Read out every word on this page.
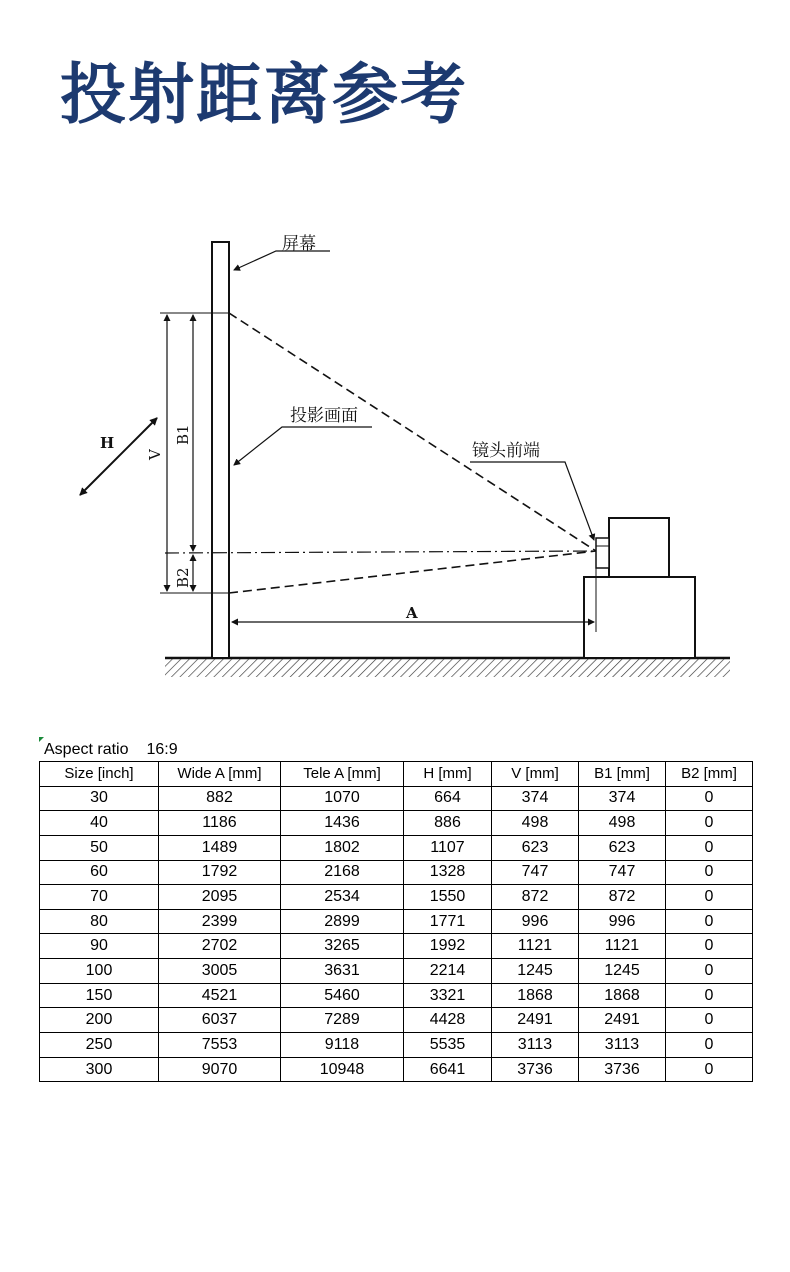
投射距离参考
屏幕
投影画面
镜头前端
H
V
B1
B2
A
Aspect ratio 16:9
Size [inch]	Wide A [mm]	Tele A [mm]	H [mm]	V [mm]	B1 [mm]	B2 [mm]
30	882	1070	664	374	374	0
40	1186	1436	886	498	498	0
50	1489	1802	1107	623	623	0
60	1792	2168	1328	747	747	0
70	2095	2534	1550	872	872	0
80	2399	2899	1771	996	996	0
90	2702	3265	1992	1121	1121	0
100	3005	3631	2214	1245	1245	0
150	4521	5460	3321	1868	1868	0
200	6037	7289	4428	2491	2491	0
250	7553	9118	5535	3113	3113	0
300	9070	10948	6641	3736	3736	0
